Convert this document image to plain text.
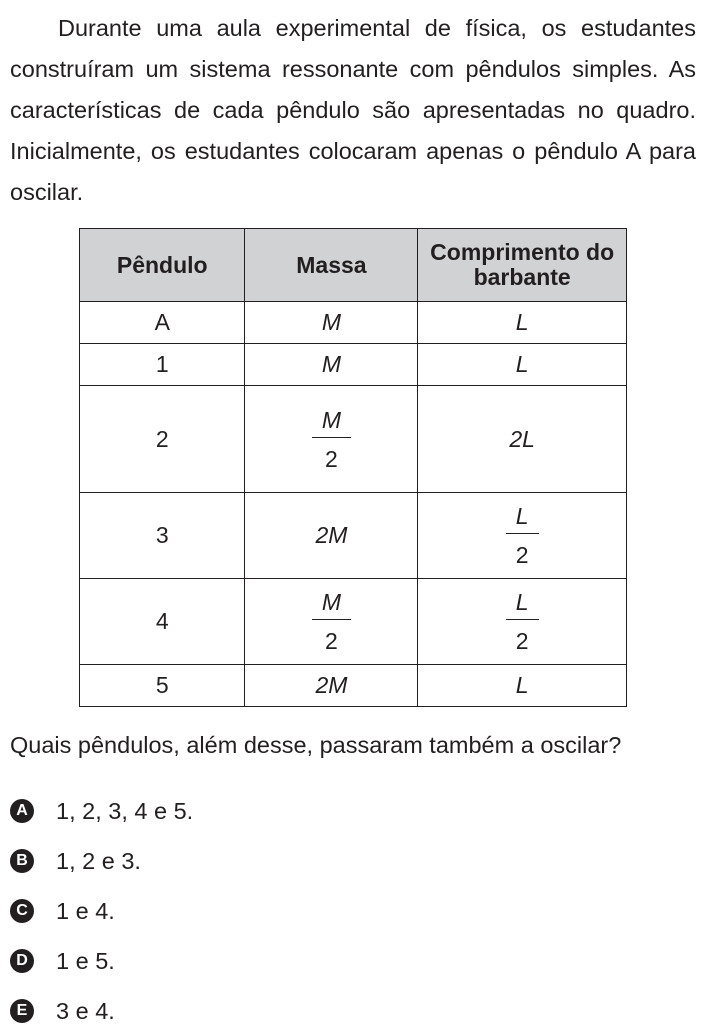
Durante uma aula experimental de física, os estudantes construíram um sistema ressonante com pêndulos simples. As características de cada pêndulo são apresentadas no quadro. Inicialmente, os estudantes colocaram apenas o pêndulo A para oscilar.

Pêndulo	Massa	Comprimento do barbante
A	M	L
1	M	L
2	$\frac{M}{2}$	2L
3	2M	$\frac{L}{2}$

4	$\frac{M}{2}$	$\frac{L}{2}$

5	2M	L

Quais pêndulos, além desse, passaram também a oscilar?

A 1, 2, 3, 4 e 5.
B 1, 2 e 3.
C 1 e 4.
D 1 e 5.
E 3 e 4.
